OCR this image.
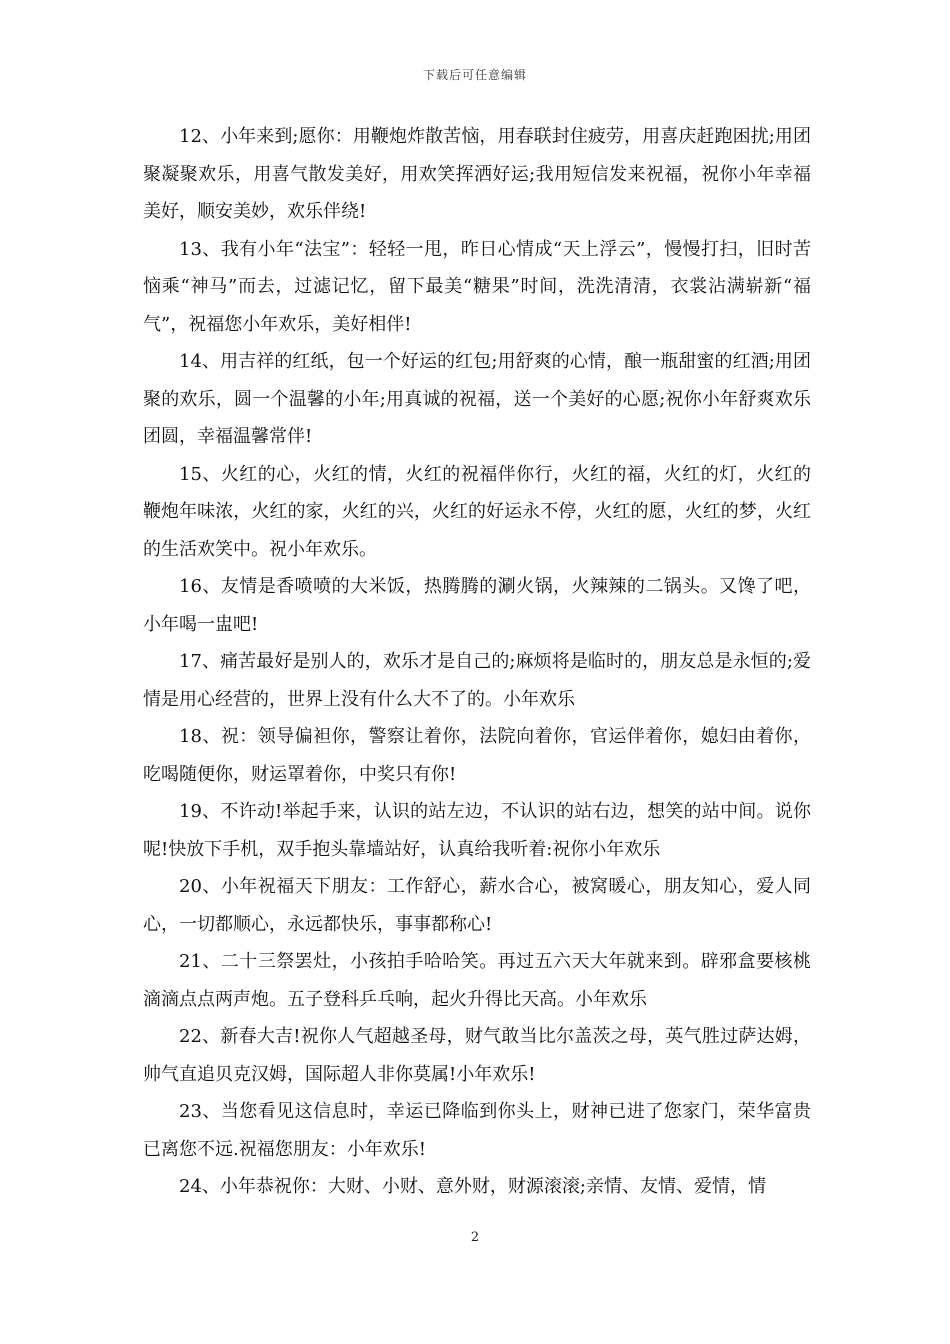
下载后可任意编辑

12、小年来到;愿你：用鞭炮炸散苦恼，用春联封住疲劳，用喜庆赶跑困扰;用团聚凝聚欢乐，用喜气散发美好，用欢笑挥洒好运;我用短信发来祝福，祝你小年幸福美好，顺安美妙，欢乐伴绕!

13、我有小年“法宝”：轻轻一甩，昨日心情成“天上浮云”，慢慢打扫，旧时苦恼乘“神马”而去，过滤记忆，留下最美“糖果”时间，洗洗清清，衣裳沾满崭新“福气”，祝福您小年欢乐，美好相伴!

14、用吉祥的红纸，包一个好运的红包;用舒爽的心情，酿一瓶甜蜜的红酒;用团聚的欢乐，圆一个温馨的小年;用真诚的祝福，送一个美好的心愿;祝你小年舒爽欢乐团圆，幸福温馨常伴!

15、火红的心，火红的情，火红的祝福伴你行，火红的福，火红的灯，火红的鞭炮年味浓，火红的家，火红的兴，火红的好运永不停，火红的愿，火红的梦，火红的生活欢笑中。祝小年欢乐。

16、友情是香喷喷的大米饭，热腾腾的涮火锅，火辣辣的二锅头。又馋了吧，小年喝一盅吧!

17、痛苦最好是别人的，欢乐才是自己的;麻烦将是临时的，朋友总是永恒的;爱情是用心经营的，世界上没有什么大不了的。小年欢乐

18、祝：领导偏袒你，警察让着你，法院向着你，官运伴着你，媳妇由着你，吃喝随便你，财运罩着你，中奖只有你!

19、不许动!举起手来，认识的站左边，不认识的站右边，想笑的站中间。说你呢!快放下手机，双手抱头靠墙站好，认真给我听着:祝你小年欢乐

20、小年祝福天下朋友：工作舒心，薪水合心，被窝暖心，朋友知心，爱人同心，一切都顺心，永远都快乐，事事都称心!

21、二十三祭罢灶，小孩拍手哈哈笑。再过五六天大年就来到。辟邪盒要核桃滴滴点点两声炮。五子登科乒乓响，起火升得比天高。小年欢乐

22、新春大吉!祝你人气超越圣母，财气敢当比尔盖茨之母，英气胜过萨达姆，帅气直追贝克汉姆，国际超人非你莫属!小年欢乐!

23、当您看见这信息时，幸运已降临到你头上，财神已进了您家门，荣华富贵已离您不远.祝福您朋友：小年欢乐!

24、小年恭祝你：大财、小财、意外财，财源滚滚;亲情、友情、爱情，情

2
